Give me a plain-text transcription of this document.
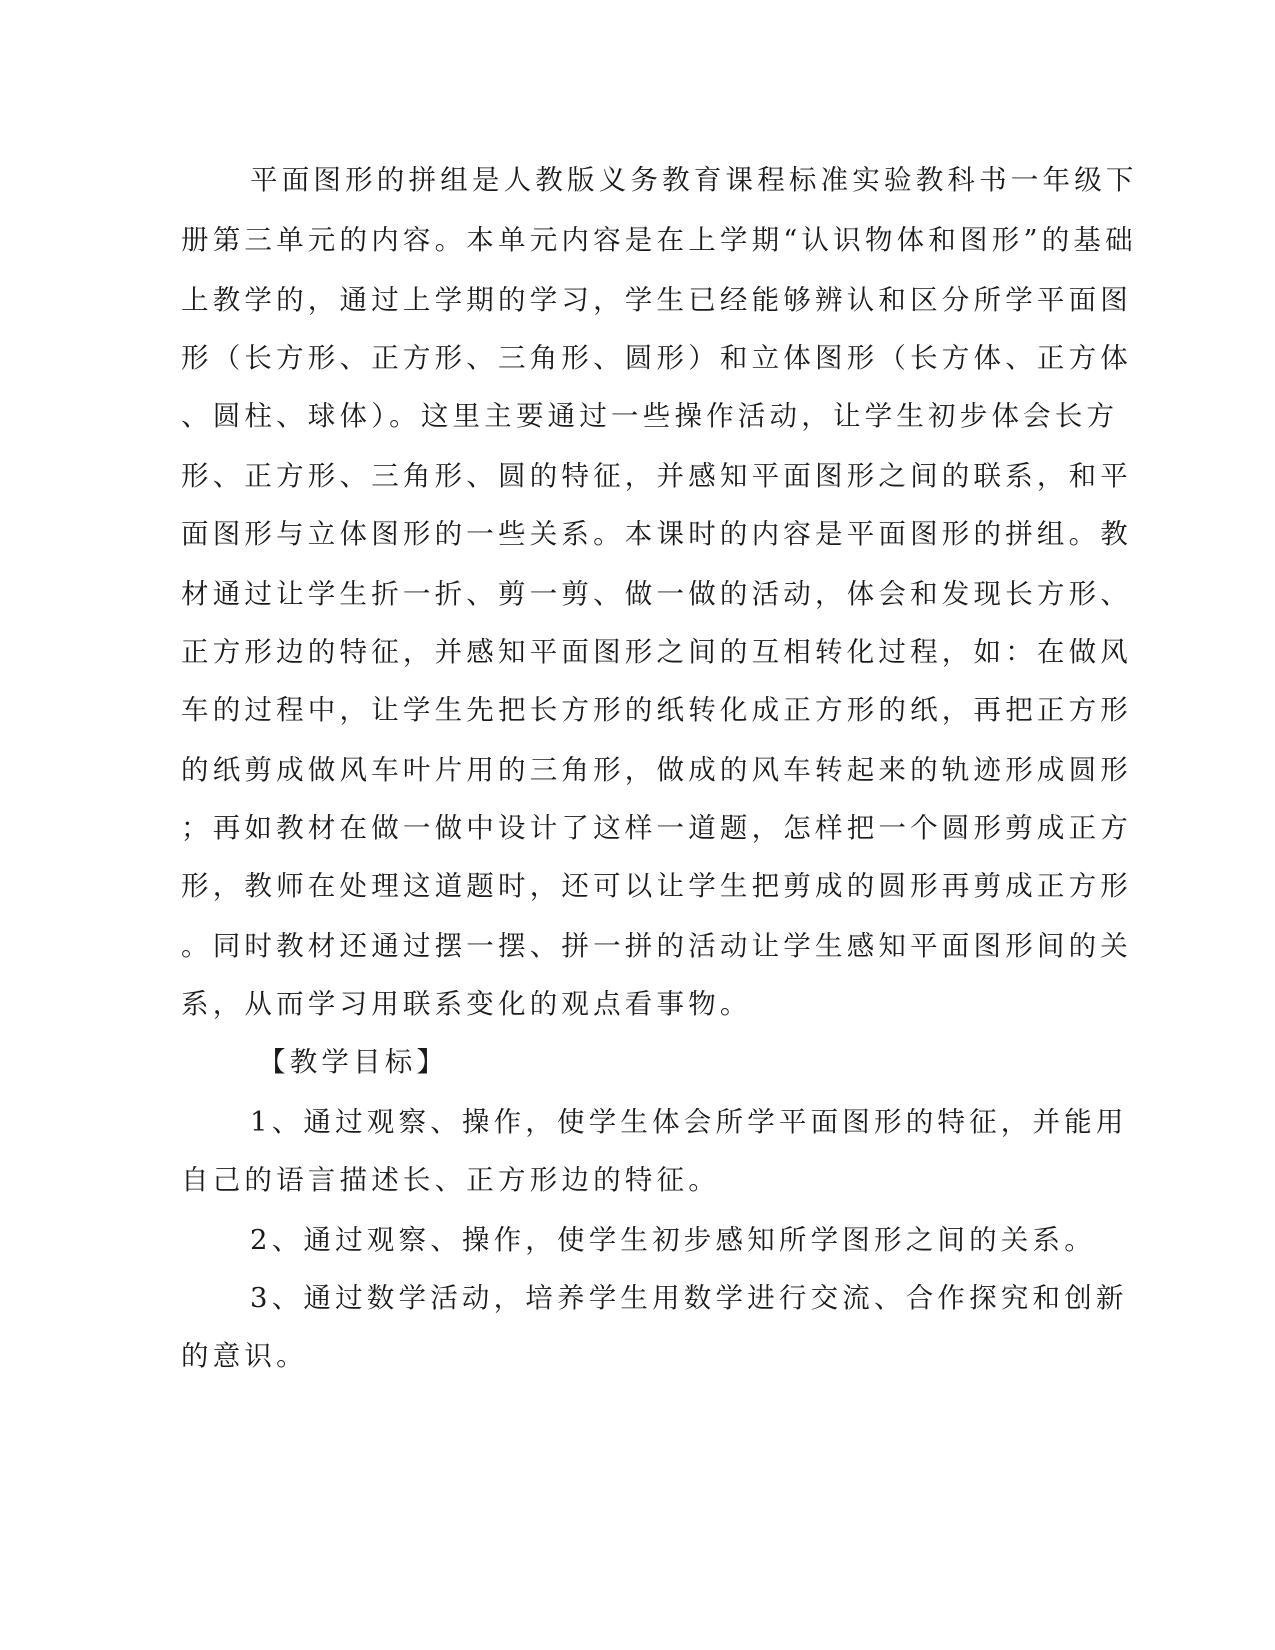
平面图形的拼组是人教版义务教育课程标准实验教科书一年级下
册第三单元的内容。本单元内容是在上学期“认识物体和图形”的基础
上教学的，通过上学期的学习，学生已经能够辨认和区分所学平面图
形（长方形、正方形、三角形、圆形）和立体图形（长方体、正方体
、圆柱、球体）。这里主要通过一些操作活动，让学生初步体会长方
形、正方形、三角形、圆的特征，并感知平面图形之间的联系，和平
面图形与立体图形的一些关系。本课时的内容是平面图形的拼组。教
材通过让学生折一折、剪一剪、做一做的活动，体会和发现长方形、
正方形边的特征，并感知平面图形之间的互相转化过程，如：在做风
车的过程中，让学生先把长方形的纸转化成正方形的纸，再把正方形
的纸剪成做风车叶片用的三角形，做成的风车转起来的轨迹形成圆形
；再如教材在做一做中设计了这样一道题，怎样把一个圆形剪成正方
形，教师在处理这道题时，还可以让学生把剪成的圆形再剪成正方形
。同时教材还通过摆一摆、拼一拼的活动让学生感知平面图形间的关
系，从而学习用联系变化的观点看事物。
【教学目标】
1、通过观察、操作，使学生体会所学平面图形的特征，并能用
自己的语言描述长、正方形边的特征。
2、通过观察、操作，使学生初步感知所学图形之间的关系。
3、通过数学活动，培养学生用数学进行交流、合作探究和创新
的意识。
